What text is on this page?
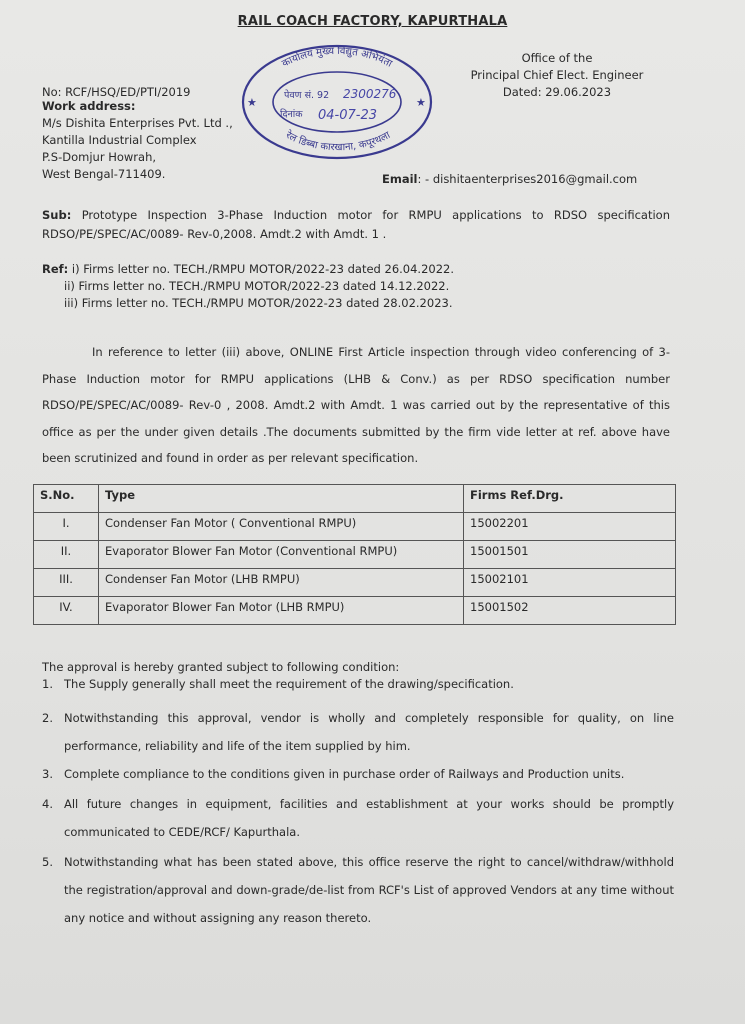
RAIL COACH FACTORY, KAPURTHALA
कार्यालय मुख्य विद्युत अभियंता
रेल डिब्बा कारखाना, कपूरथला
★	★
पेवण सं. 92 2300276
दिनांक 04-07-23
Office of the
Principal Chief Elect. Engineer
Dated: 29.06.2023
No: RCF/HSQ/ED/PTI/2019
Work address:
M/s Dishita Enterprises Pvt. Ltd .,
Kantilla Industrial Complex
P.S-Domjur Howrah,
West Bengal-711409.	Email: - dishitaenterprises2016@gmail.com
Sub: Prototype Inspection 3-Phase Induction motor for RMPU applications to RDSO specification RDSO/PE/SPEC/AC/0089- Rev-0,2008. Amdt.2 with Amdt. 1 .
Ref: i) Firms letter no. TECH./RMPU MOTOR/2022-23 dated 26.04.2022.
ii) Firms letter no. TECH./RMPU MOTOR/2022-23 dated 14.12.2022.
iii) Firms letter no. TECH./RMPU MOTOR/2022-23 dated 28.02.2023.
In reference to letter (iii) above, ONLINE First Article inspection through video conferencing of 3-Phase Induction motor for RMPU applications (LHB & Conv.) as per RDSO specification number RDSO/PE/SPEC/AC/0089- Rev-0 , 2008. Amdt.2 with Amdt. 1 was carried out by the representative of this office as per the under given details .The documents submitted by the firm vide letter at ref. above have been scrutinized and found in order as per relevant specification.
S.No.	Type	Firms Ref.Drg.
I.	Condenser Fan Motor ( Conventional RMPU)	15002201
II.	Evaporator Blower Fan Motor (Conventional RMPU)	15001501
III.	Condenser Fan Motor (LHB RMPU)	15002101
IV.	Evaporator Blower Fan Motor (LHB RMPU)	15001502
The approval is hereby granted subject to following condition:
1. The Supply generally shall meet the requirement of the drawing/specification.
2. Notwithstanding this approval, vendor is wholly and completely responsible for quality, on line performance, reliability and life of the item supplied by him.
3. Complete compliance to the conditions given in purchase order of Railways and Production units.
4. All future changes in equipment, facilities and establishment at your works should be promptly communicated to CEDE/RCF/ Kapurthala.
5. Notwithstanding what has been stated above, this office reserve the right to cancel/withdraw/withhold the registration/approval and down-grade/de-list from RCF's List of approved Vendors at any time without any notice and without assigning any reason thereto.
